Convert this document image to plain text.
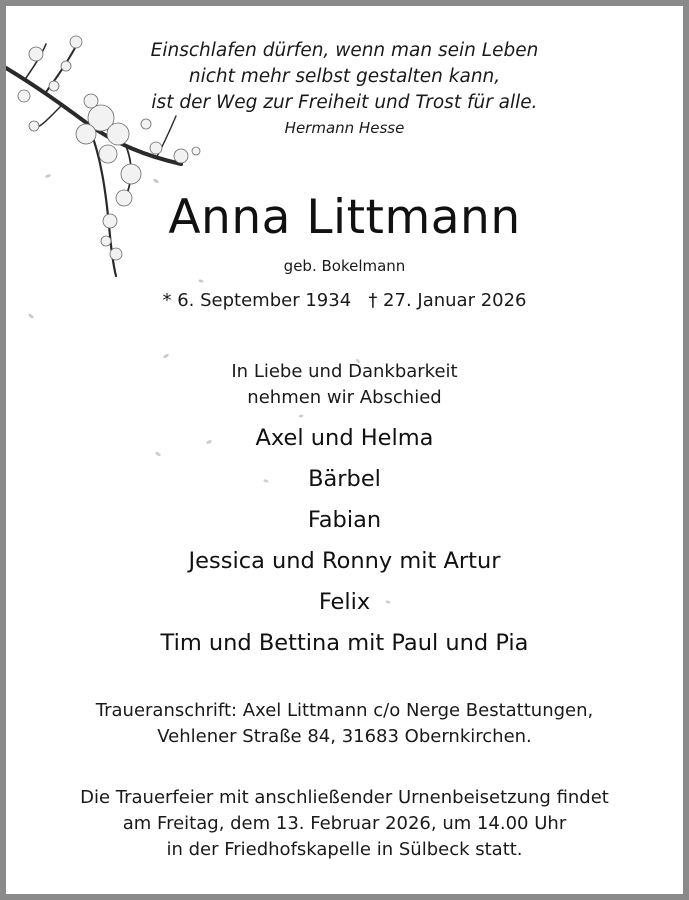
Einschlafen dürfen, wenn man sein Leben
nicht mehr selbst gestalten kann,
ist der Weg zur Freiheit und Trost für alle.
Hermann Hesse
Anna Littmann
geb. Bokelmann
* 6. September 1934 † 27. Januar 2026
In Liebe und Dankbarkeit
nehmen wir Abschied
Axel und Helma
Bärbel
Fabian
Jessica und Ronny mit Artur
Felix
Tim und Bettina mit Paul und Pia
Traueranschrift: Axel Littmann c/o Nerge Bestattungen,
Vehlener Straße 84, 31683 Obernkirchen.
Die Trauerfeier mit anschließender Urnenbeisetzung findet
am Freitag, dem 13. Februar 2026, um 14.00 Uhr
in der Friedhofskapelle in Sülbeck statt.
